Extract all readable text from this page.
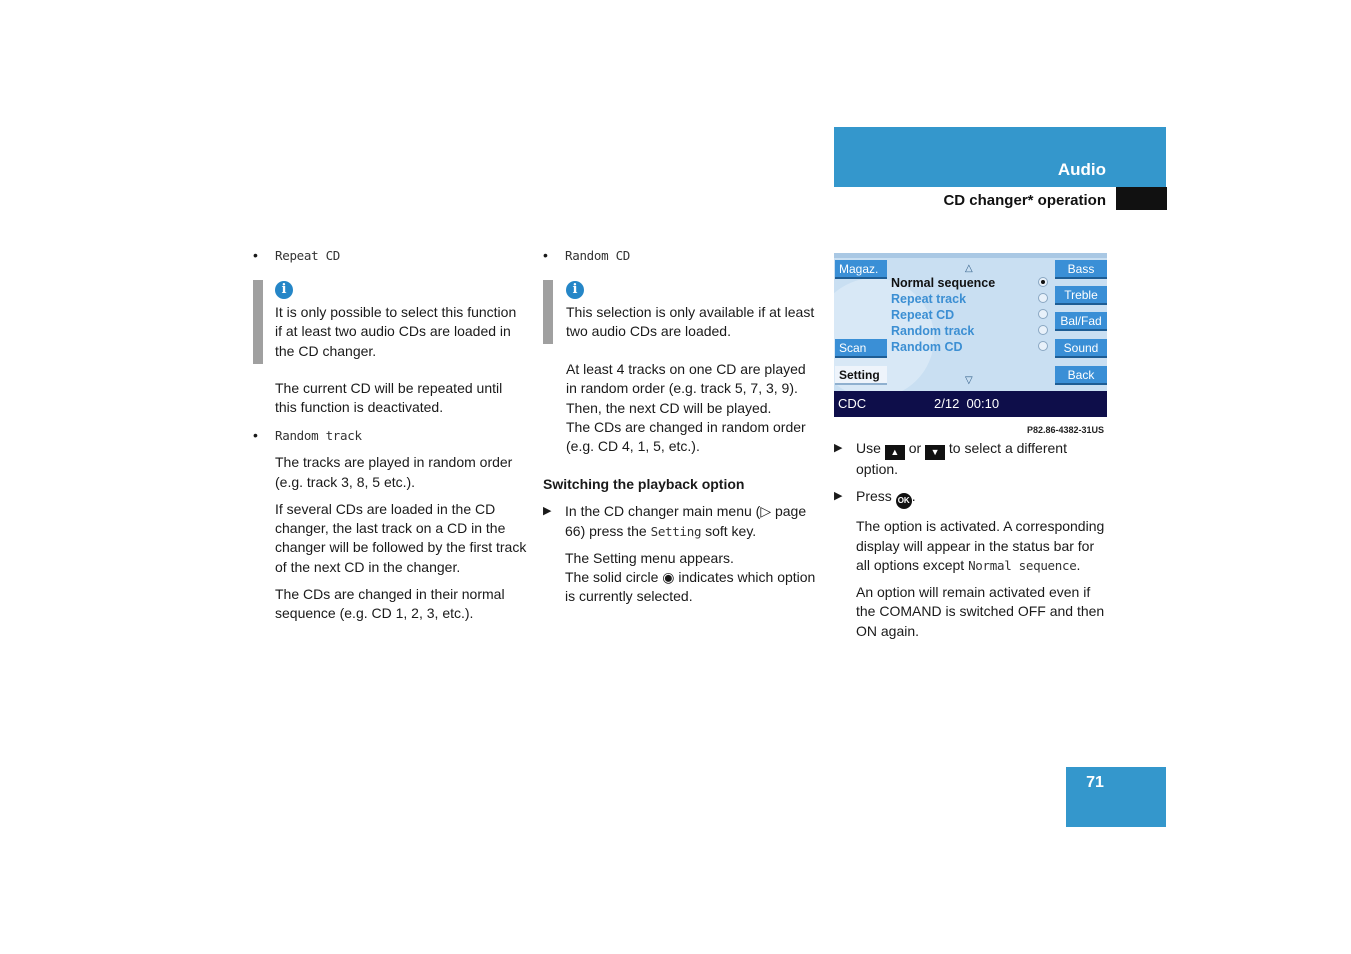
Audio
CD changer* operation
• Repeat CD
i

It is only possible to select this function if at least two audio CDs are loaded in the CD changer.

The current CD will be repeated until this function is deactivated.

• Random track

The tracks are played in random order (e.g. track 3, 8, 5 etc.).

If several CDs are loaded in the CD changer, the last track on a CD in the changer will be followed by the first track of the next CD in the changer.

The CDs are changed in their normal sequence (e.g. CD 1, 2, 3, etc.).

• Random CD
i

This selection is only available if at least two audio CDs are loaded.

At least 4 tracks on one CD are played in random order (e.g. track 5, 7, 3, 9). Then, the next CD will be played.

The CDs are changed in random order (e.g. CD 4, 1, 5, etc.).

Switching the playback option

▶ In the CD changer main menu (▷ page 66) press the Setting soft key.

The Setting menu appears.

The solid circle ◉ indicates which option is currently selected.

Magaz.
Scan
Setting
Bass
Treble
Bal/Fad
Sound
Back
△
▽
Normal sequence
Repeat track
Repeat CD
Random track
Random CD
CDC	2/12  00:10
P82.86-4382-31US
▶ Use ▲ or ▼ to select a different option.
▶ Press OK .

The option is activated. A corresponding display will appear in the status bar for all options except Normal sequence.

An option will remain activated even if the COMAND is switched OFF and then ON again.

71
